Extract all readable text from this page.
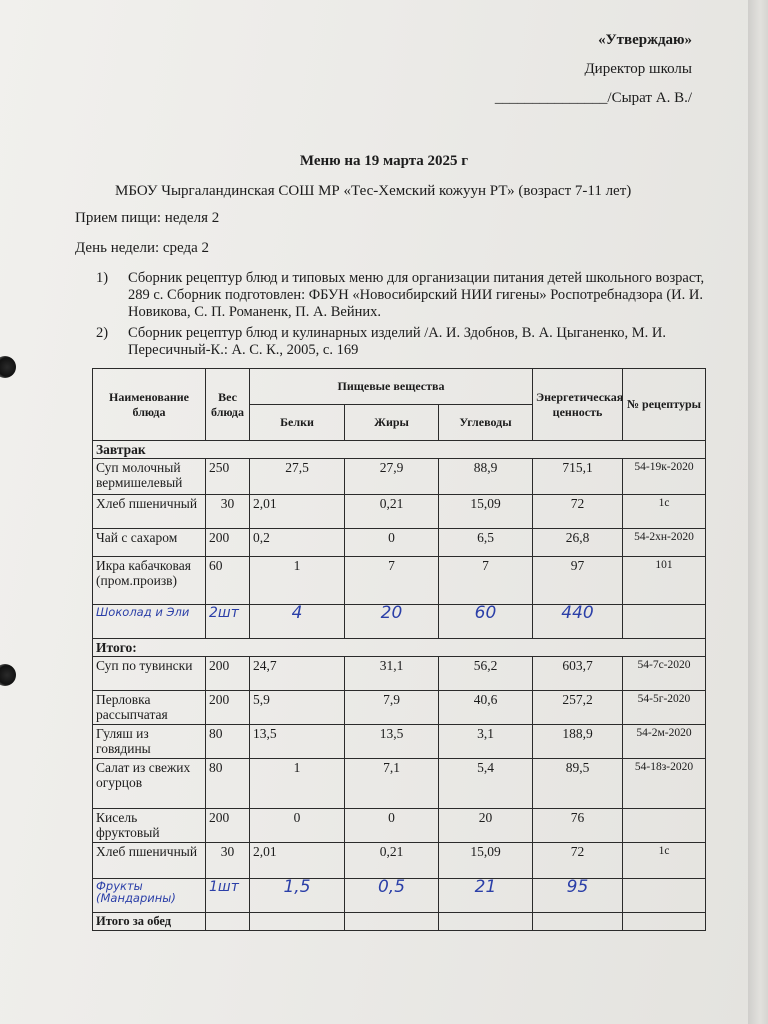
«Утверждаю»
Директор школы
_______________/Сырат А. В./
Меню на 19 марта 2025 г
МБОУ Чыргаландинская СОШ МР «Тес-Хемский кожуун РТ» (возраст 7-11 лет)
Прием пищи: неделя 2
День недели: среда 2
1) Сборник рецептур блюд и типовых меню для организации питания детей школьного возраст, 289 с. Сборник подготовлен: ФБУН «Новосибирский НИИ гигены» Роспотребнадзора (И. И. Новикова, С. П. Романенк, П. А. Вейних.
2) Сборник рецептур блюд и кулинарных изделий /А. И. Здобнов, В. А. Цыганенко, М. И. Пересичный-К.: А. С. К., 2005, с. 169
Наименование блюда	Вес блюда	Пищевые вещества			Энергетическая ценность	№ рецептуры
		Белки	Жиры	Углеводы		
Завтрак						
Суп молочный вермишелевый	250	27,5	27,9	88,9	715,1	54-19к-2020
Хлеб пшеничный	30	2,01	0,21	15,09	72	1с
Чай с сахаром	200	0,2	0	6,5	26,8	54-2хн-2020
Икра кабачковая (пром.произв)	60	1	7	7	97	101
Шоколад и Эли	2шт	4	20	60	440	
Итого:						
Суп по тувински	200	24,7	31,1	56,2	603,7	54-7с-2020
Перловка рассыпчатая	200	5,9	7,9	40,6	257,2	54-5г-2020
Гуляш из говядины	80	13,5	13,5	3,1	188,9	54-2м-2020
Салат из свежих огурцов	80	1	7,1	5,4	89,5	54-18з-2020
Кисель фруктовый	200	0	0	20	76	
Хлеб пшеничный	30	2,01	0,21	15,09	72	1с
Фрукты (Мандарины)	1шт	1,5	0,5	21	95	
Итого за обед						
